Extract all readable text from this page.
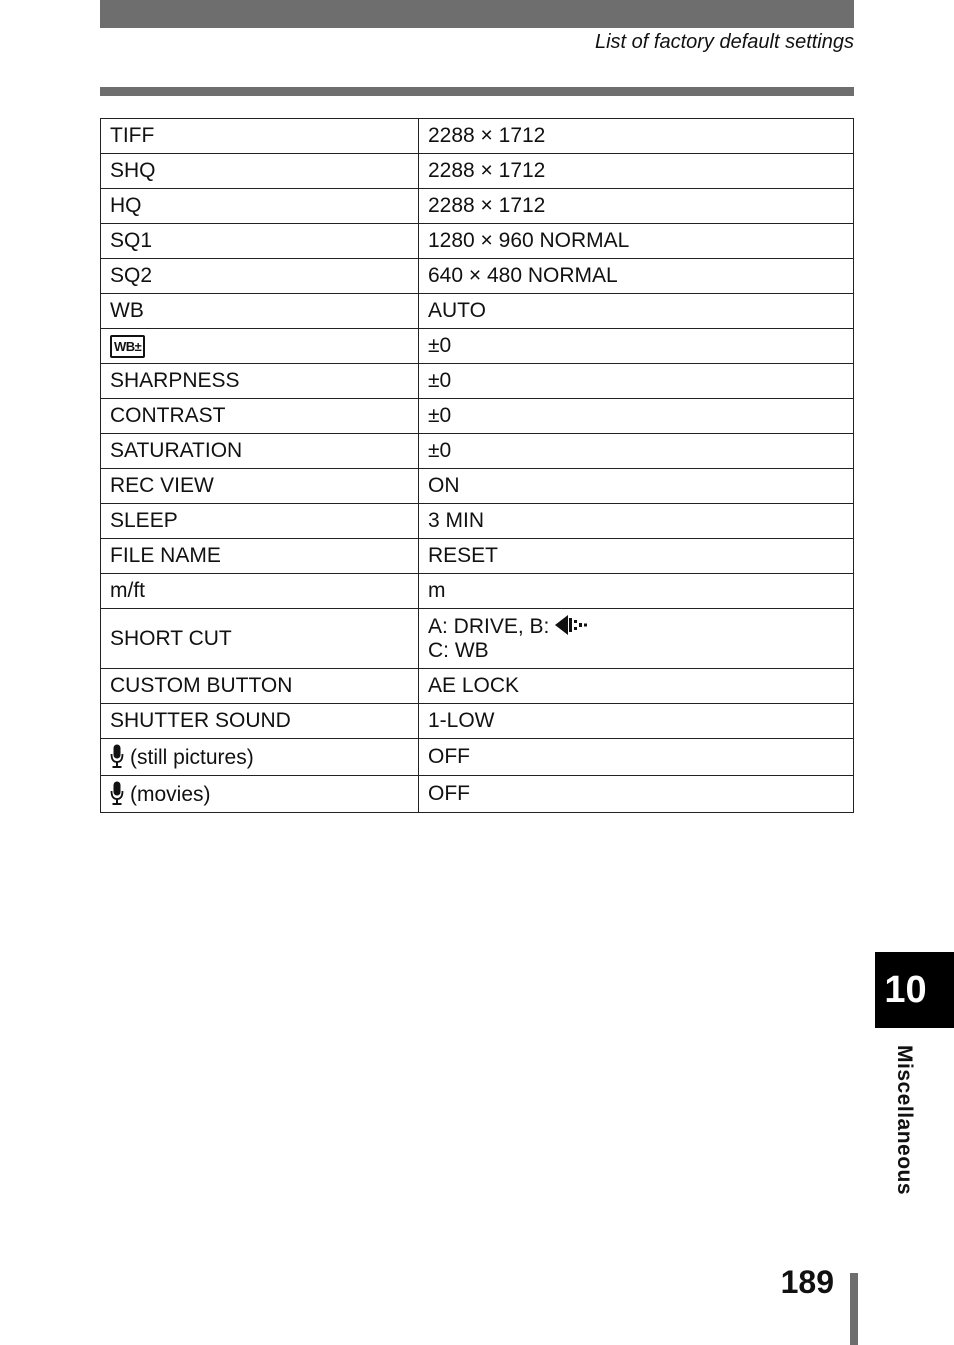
List of factory default settings
TIFF	2288 × 1712
SHQ	2288 × 1712
HQ	2288 × 1712
SQ1	1280 × 960 NORMAL
SQ2	640 × 480 NORMAL
WB	AUTO
WB±	±0
SHARPNESS	±0
CONTRAST	±0
SATURATION	±0
REC VIEW	ON
SLEEP	3 MIN
FILE NAME	RESET
m/ft	m
SHORT CUT	A: DRIVE, B:
C: WB

CUSTOM BUTTON	AE LOCK
SHUTTER SOUND	1-LOW
(still pictures)	OFF
(movies)	OFF
10
Miscellaneous
189
